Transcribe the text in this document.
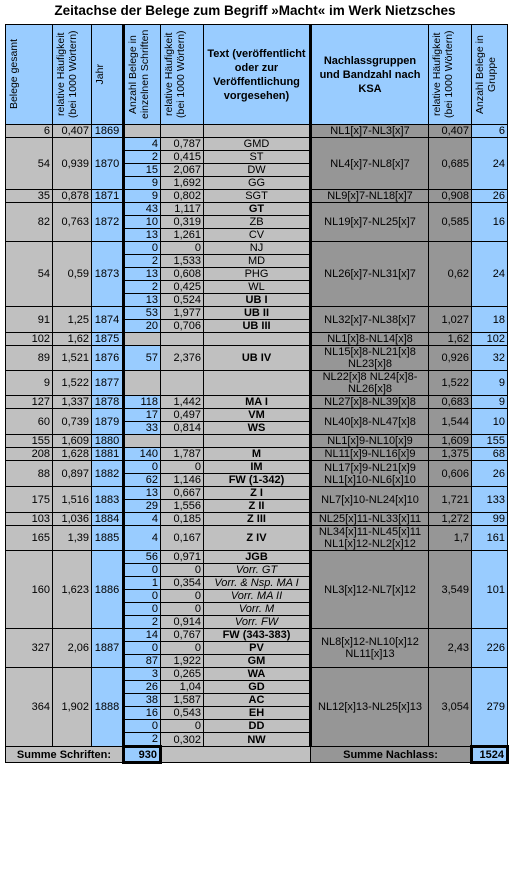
Zeitachse der Belege zum Begriff »Macht« im Werk Nietzsches
Belege gesamt	relative Häufigkeit (bei 1000 Wörtern)	Jahr	Anzahl Belege in einzelnen Schriften	relative Häufigkeit (bei 1000 Wörtern)	Text (veröffentlicht oder zur Veröffentlichung vorgesehen)	Nachlassgruppen und Bandzahl nach KSA	relative Häufigkeit (bei 1000 Wörtern)	Anzahl Belege in Gruppe

6	0,407	1869				NL1[x]7-NL3[x]7	0,407	6
54	0,939	1870	4	0,787	GMD	NL4[x]7-NL8[x]7	0,685	24
			2	0,415	ST			
			15	2,067	DW			
			9	1,692	GG			
35	0,878	1871	9	0,802	SGT	NL9[x]7-NL18[x]7	0,908	26
82	0,763	1872	43	1,117	GT	NL19[x]7-NL25[x]7	0,585	16
			10	0,319	ZB			
			13	1,261	CV			
54	0,59	1873	0	0	NJ	NL26[x]7-NL31[x]7	0,62	24
			2	1,533	MD			
			13	0,608	PHG			
			2	0,425	WL			
			13	0,524	UB I			
91	1,25	1874	53	1,977	UB II	NL32[x]7-NL38[x]7	1,027	18
			20	0,706	UB III			
102	1,62	1875				NL1[x]8-NL14[x]8	1,62	102
89	1,521	1876	57	2,376	UB IV	NL15[x]8-NL21[x]8 NL23[x]8	0,926	32

9	1,522	1877				NL22[x]8 NL24[x]8-NL26[x]8	1,522	9

127	1,337	1878	118	1,442	MA I	NL27[x]8-NL39[x]8	0,683	9
60	0,739	1879	17	0,497	VM	NL40[x]8-NL47[x]8	1,544	10
			33	0,814	WS			
155	1,609	1880				NL1[x]9-NL10[x]9	1,609	155
208	1,628	1881	140	1,787	M	NL11[x]9-NL16[x]9	1,375	68
88	0,897	1882	0	0	IM	NL17[x]9-NL21[x]9 NL1[x]10-NL6[x]10	0,606	26
			62	1,146	FW (1-342)			
175	1,516	1883	13	0,667	Z I	NL7[x]10-NL24[x]10	1,721	133
			29	1,556	Z II			
103	1,036	1884	4	0,185	Z III	NL25[x]11-NL33[x]11	1,272	99
165	1,39	1885	4	0,167	Z IV	NL34[x]11-NL45[x]11 NL1[x]12-NL2[x]12	1,7	161

160	1,623	1886	56	0,971	JGB	NL3[x]12-NL7[x]12	3,549	101
			0	0	Vorr. GT			
			1	0,354	Vorr. & Nsp. MA I			
			0	0	Vorr. MA II			
			0	0	Vorr. M			
			2	0,914	Vorr. FW			
327	2,06	1887	14	0,767	FW (343-383)	NL8[x]12-NL10[x]12 NL11[x]13	2,43	226
			0	0	PV			
			87	1,922	GM			
364	1,902	1888	3	0,265	WA	NL12[x]13-NL25[x]13	3,054	279
			26	1,04	GD			
			38	1,587	AC			
			16	0,543	EH			
			0	0	DD			
			2	0,302	NW			
Summe Schriften:			930			Summe Nachlass:		1524
